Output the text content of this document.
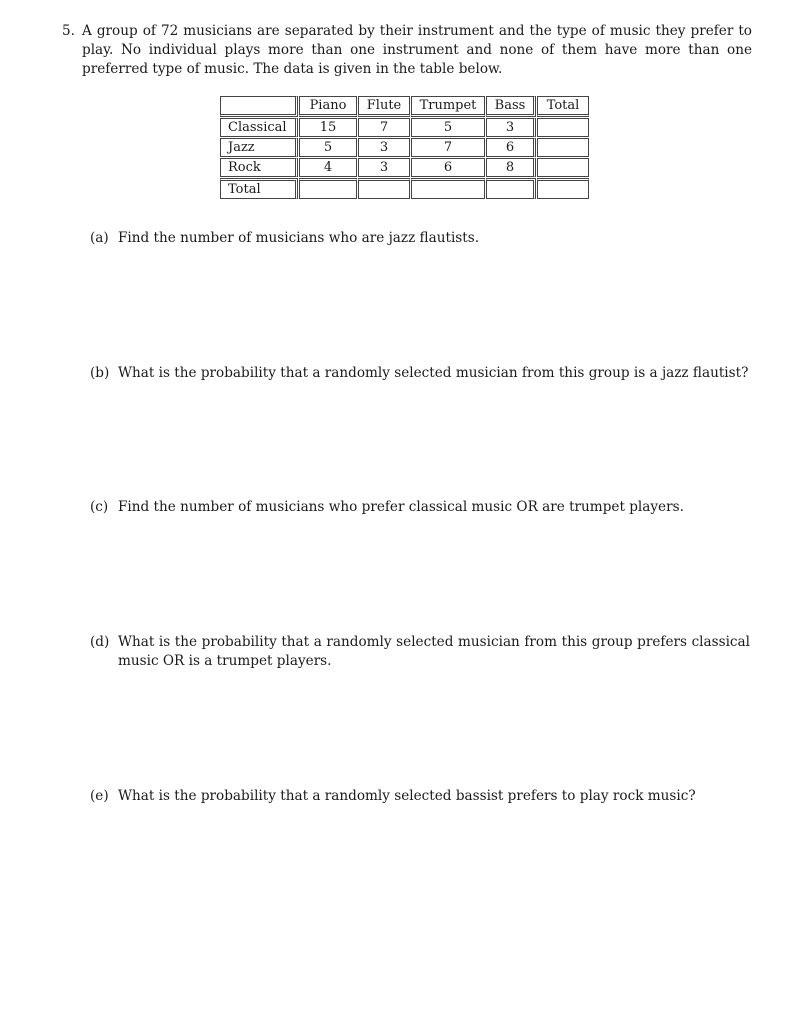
5. A group of 72 musicians are separated by their instrument and the type of music they prefer to play. No individual plays more than one instrument and none of them have more than one preferred type of music. The data is given in the table below.
	Piano	Flute	Trumpet	Bass	Total
Classical	15	7	5	3	
Jazz	5	3	7	6	
Rock	4	3	6	8	
Total					
(a) Find the number of musicians who are jazz flautists.
(b) What is the probability that a randomly selected musician from this group is a jazz flautist?
(c) Find the number of musicians who prefer classical music OR are trumpet players.
(d) What is the probability that a randomly selected musician from this group prefers classical music OR is a trumpet players.
(e) What is the probability that a randomly selected bassist prefers to play rock music?
